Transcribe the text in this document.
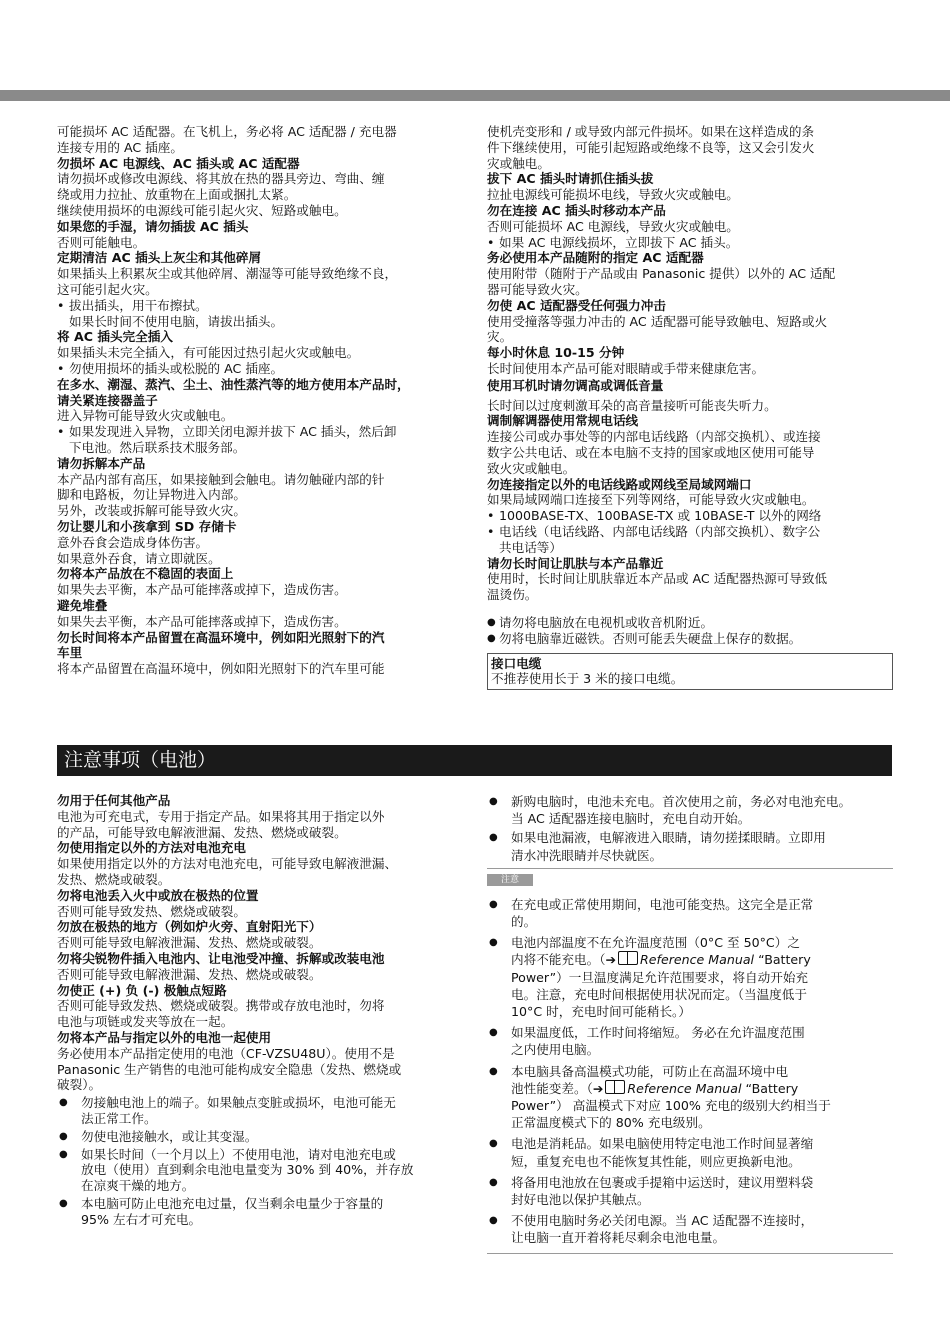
可能损坏 AC 适配器。在飞机上，务必将 AC 适配器 / 充电器

连接专用的 AC 插座。

勿损坏 AC 电源线、AC 插头或 AC 适配器

请勿损坏或修改电源线、将其放在热的器具旁边、弯曲、缠

绕或用力拉扯、放重物在上面或捆扎太紧。

继续使用损坏的电源线可能引起火灾、短路或触电。

如果您的手湿，请勿插拔 AC 插头

否则可能触电。

定期清洁 AC 插头上灰尘和其他碎屑

如果插头上积累灰尘或其他碎屑、潮湿等可能导致绝缘不良，

这可能引起火灾。

• 拔出插头，用干布擦拭。

如果长时间不使用电脑，请拔出插头。

将 AC 插头完全插入

如果插头未完全插入，有可能因过热引起火灾或触电。

• 勿使用损坏的插头或松脱的 AC 插座。

在多水、潮湿、蒸汽、尘土、油性蒸汽等的地方使用本产品时，

请关紧连接器盖子

进入异物可能导致火灾或触电。

• 如果发现进入异物，立即关闭电源并拔下 AC 插头，然后卸

下电池。然后联系技术服务部。

请勿拆解本产品

本产品内部有高压，如果接触到会触电。请勿触碰内部的针

脚和电路板，勿让异物进入内部。

另外，改装或拆解可能导致火灾。

勿让婴儿和小孩拿到 SD 存储卡

意外吞食会造成身体伤害。

如果意外吞食，请立即就医。

勿将本产品放在不稳固的表面上

如果失去平衡，本产品可能摔落或掉下，造成伤害。

避免堆叠

如果失去平衡，本产品可能摔落或掉下，造成伤害。

勿长时间将本产品留置在高温环境中，例如阳光照射下的汽

车里

将本产品留置在高温环境中，例如阳光照射下的汽车里可能

使机壳变形和 / 或导致内部元件损坏。如果在这样造成的条

件下继续使用，可能引起短路或绝缘不良等，这又会引发火

灾或触电。

拔下 AC 插头时请抓住插头拔

拉扯电源线可能损坏电线，导致火灾或触电。

勿在连接 AC 插头时移动本产品

否则可能损坏 AC 电源线，导致火灾或触电。

• 如果 AC 电源线损坏，立即拔下 AC 插头。

务必使用本产品随附的指定 AC 适配器

使用附带（随附于产品或由 Panasonic 提供）以外的 AC 适配

器可能导致火灾。

勿使 AC 适配器受任何强力冲击

使用受撞落等强力冲击的 AC 适配器可能导致触电、短路或火

灾。

每小时休息 10-15 分钟

长时间使用本产品可能对眼睛或手带来健康危害。

使用耳机时请勿调高或调低音量

长时间以过度刺激耳朵的高音量接听可能丧失听力。

调制解调器使用常规电话线

连接公司或办事处等的内部电话线路（内部交换机）、或连接

数字公共电话、或在本电脑不支持的国家或地区使用可能导

致火灾或触电。

勿连接指定以外的电话线路或网线至局域网端口

如果局域网端口连接至下列等网络，可能导致火灾或触电。

• 1000BASE-TX、100BASE-TX 或 10BASE-T 以外的网络

• 电话线（电话线路、内部电话线路（内部交换机）、数字公

共电话等）

请勿长时间让肌肤与本产品靠近

使用时，长时间让肌肤靠近本产品或 AC 适配器热源可导致低

温烫伤。

● 请勿将电脑放在电视机或收音机附近。

● 勿将电脑靠近磁铁。否则可能丢失硬盘上保存的数据。

接口电缆

不推荐使用长于 3 米的接口电缆。

注意事项（电池）

勿用于任何其他产品

电池为可充电式，专用于指定产品。如果将其用于指定以外

的产品，可能导致电解液泄漏、发热、燃烧或破裂。

勿使用指定以外的方法对电池充电

如果使用指定以外的方法对电池充电，可能导致电解液泄漏、

发热、燃烧或破裂。

勿将电池丢入火中或放在极热的位置

否则可能导致发热、燃烧或破裂。

勿放在极热的地方（例如炉火旁、直射阳光下）

否则可能导致电解液泄漏、发热、燃烧或破裂。

勿将尖锐物件插入电池内、让电池受冲撞、拆解或改装电池

否则可能导致电解液泄漏、发热、燃烧或破裂。

勿使正 (+) 负 (-) 极触点短路

否则可能导致发热、燃烧或破裂。携带或存放电池时，勿将

电池与项链或发夹等放在一起。

勿将本产品与指定以外的电池一起使用

务必使用本产品指定使用的电池（CF-VZSU48U）。使用不是

Panasonic 生产销售的电池可能构成安全隐患（发热、燃烧或

破裂）。

● 勿接触电池上的端子。如果触点变脏或损坏，电池可能无

法正常工作。

● 勿使电池接触水，或让其变湿。

● 如果长时间（一个月以上）不使用电池，请对电池充电或

放电（使用）直到剩余电池电量变为 30% 到 40%，并存放

在凉爽干燥的地方。

● 本电脑可防止电池充电过量，仅当剩余电量少于容量的

95% 左右才可充电。

● 新购电脑时，电池未充电。首次使用之前，务必对电池充电。

当 AC 适配器连接电脑时，充电自动开始。

● 如果电池漏液，电解液进入眼睛，请勿搓揉眼睛。立即用

清水冲洗眼睛并尽快就医。

注意

● 在充电或正常使用期间，电池可能变热。这完全是正常

的。

● 电池内部温度不在允许温度范围（0°C 至 50°C）之

内将不能充电。（➔ Reference Manual “Battery

Power”）一旦温度满足允许范围要求，将自动开始充

电。注意，充电时间根据使用状况而定。（当温度低于

10°C 时，充电时间可能稍长。）

● 如果温度低，工作时间将缩短。 务必在允许温度范围

之内使用电脑。

● 本电脑具备高温模式功能，可防止在高温环境中电

池性能变差。（➔ Reference Manual “Battery

Power”） 高温模式下对应 100% 充电的级别大约相当于

正常温度模式下的 80% 充电级别。

● 电池是消耗品。如果电脑使用特定电池工作时间显著缩

短，重复充电也不能恢复其性能，则应更换新电池。

● 将备用电池放在包裹或手提箱中运送时，建议用塑料袋

封好电池以保护其触点。

● 不使用电脑时务必关闭电源。当 AC 适配器不连接时，

让电脑一直开着将耗尽剩余电池电量。
